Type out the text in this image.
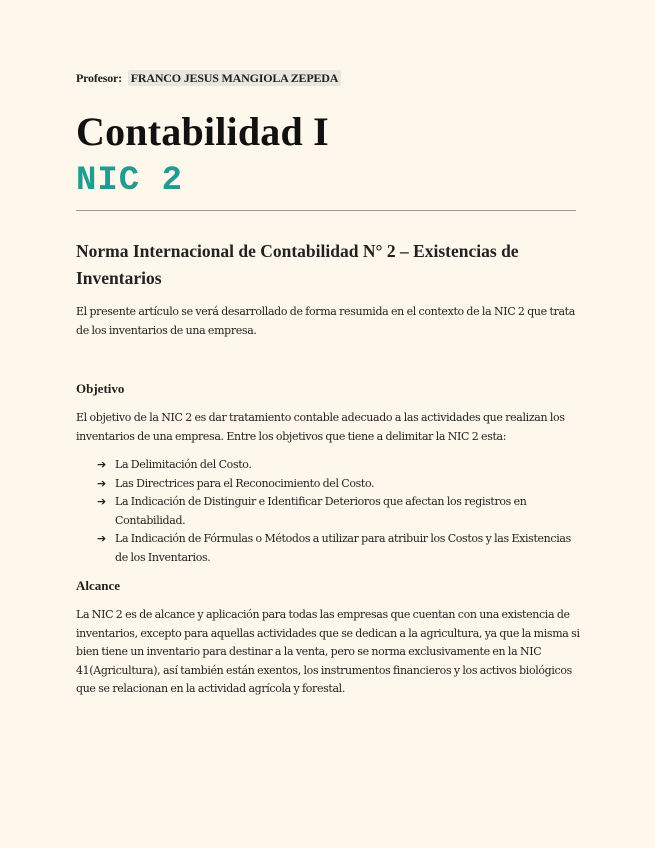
Profesor: FRANCO JESUS MANGIOLA ZEPEDA
Contabilidad I
NIC 2
Norma Internacional de Contabilidad N° 2 – Existencias de Inventarios

El presente artículo se verá desarrollado de forma resumida en el contexto de la NIC 2 que trata de los inventarios de una empresa.

Objetivo

El objetivo de la NIC 2 es dar tratamiento contable adecuado a las actividades que realizan los inventarios de una empresa. Entre los objetivos que tiene a delimitar la NIC 2 esta:

➔ La Delimitación del Costo.
➔ Las Directrices para el Reconocimiento del Costo.
➔ La Indicación de Distinguir e Identificar Deterioros que afectan los registros en Contabilidad.
➔ La Indicación de Fórmulas o Métodos a utilizar para atribuir los Costos y las Existencias de los Inventarios.
Alcance

La NIC 2 es de alcance y aplicación para todas las empresas que cuentan con una existencia de inventarios, excepto para aquellas actividades que se dedican a la agricultura, ya que la misma si bien tiene un inventario para destinar a la venta, pero se norma exclusivamente en la NIC 41(Agricultura), así también están exentos, los instrumentos financieros y los activos biológicos que se relacionan en la actividad agrícola y forestal.
